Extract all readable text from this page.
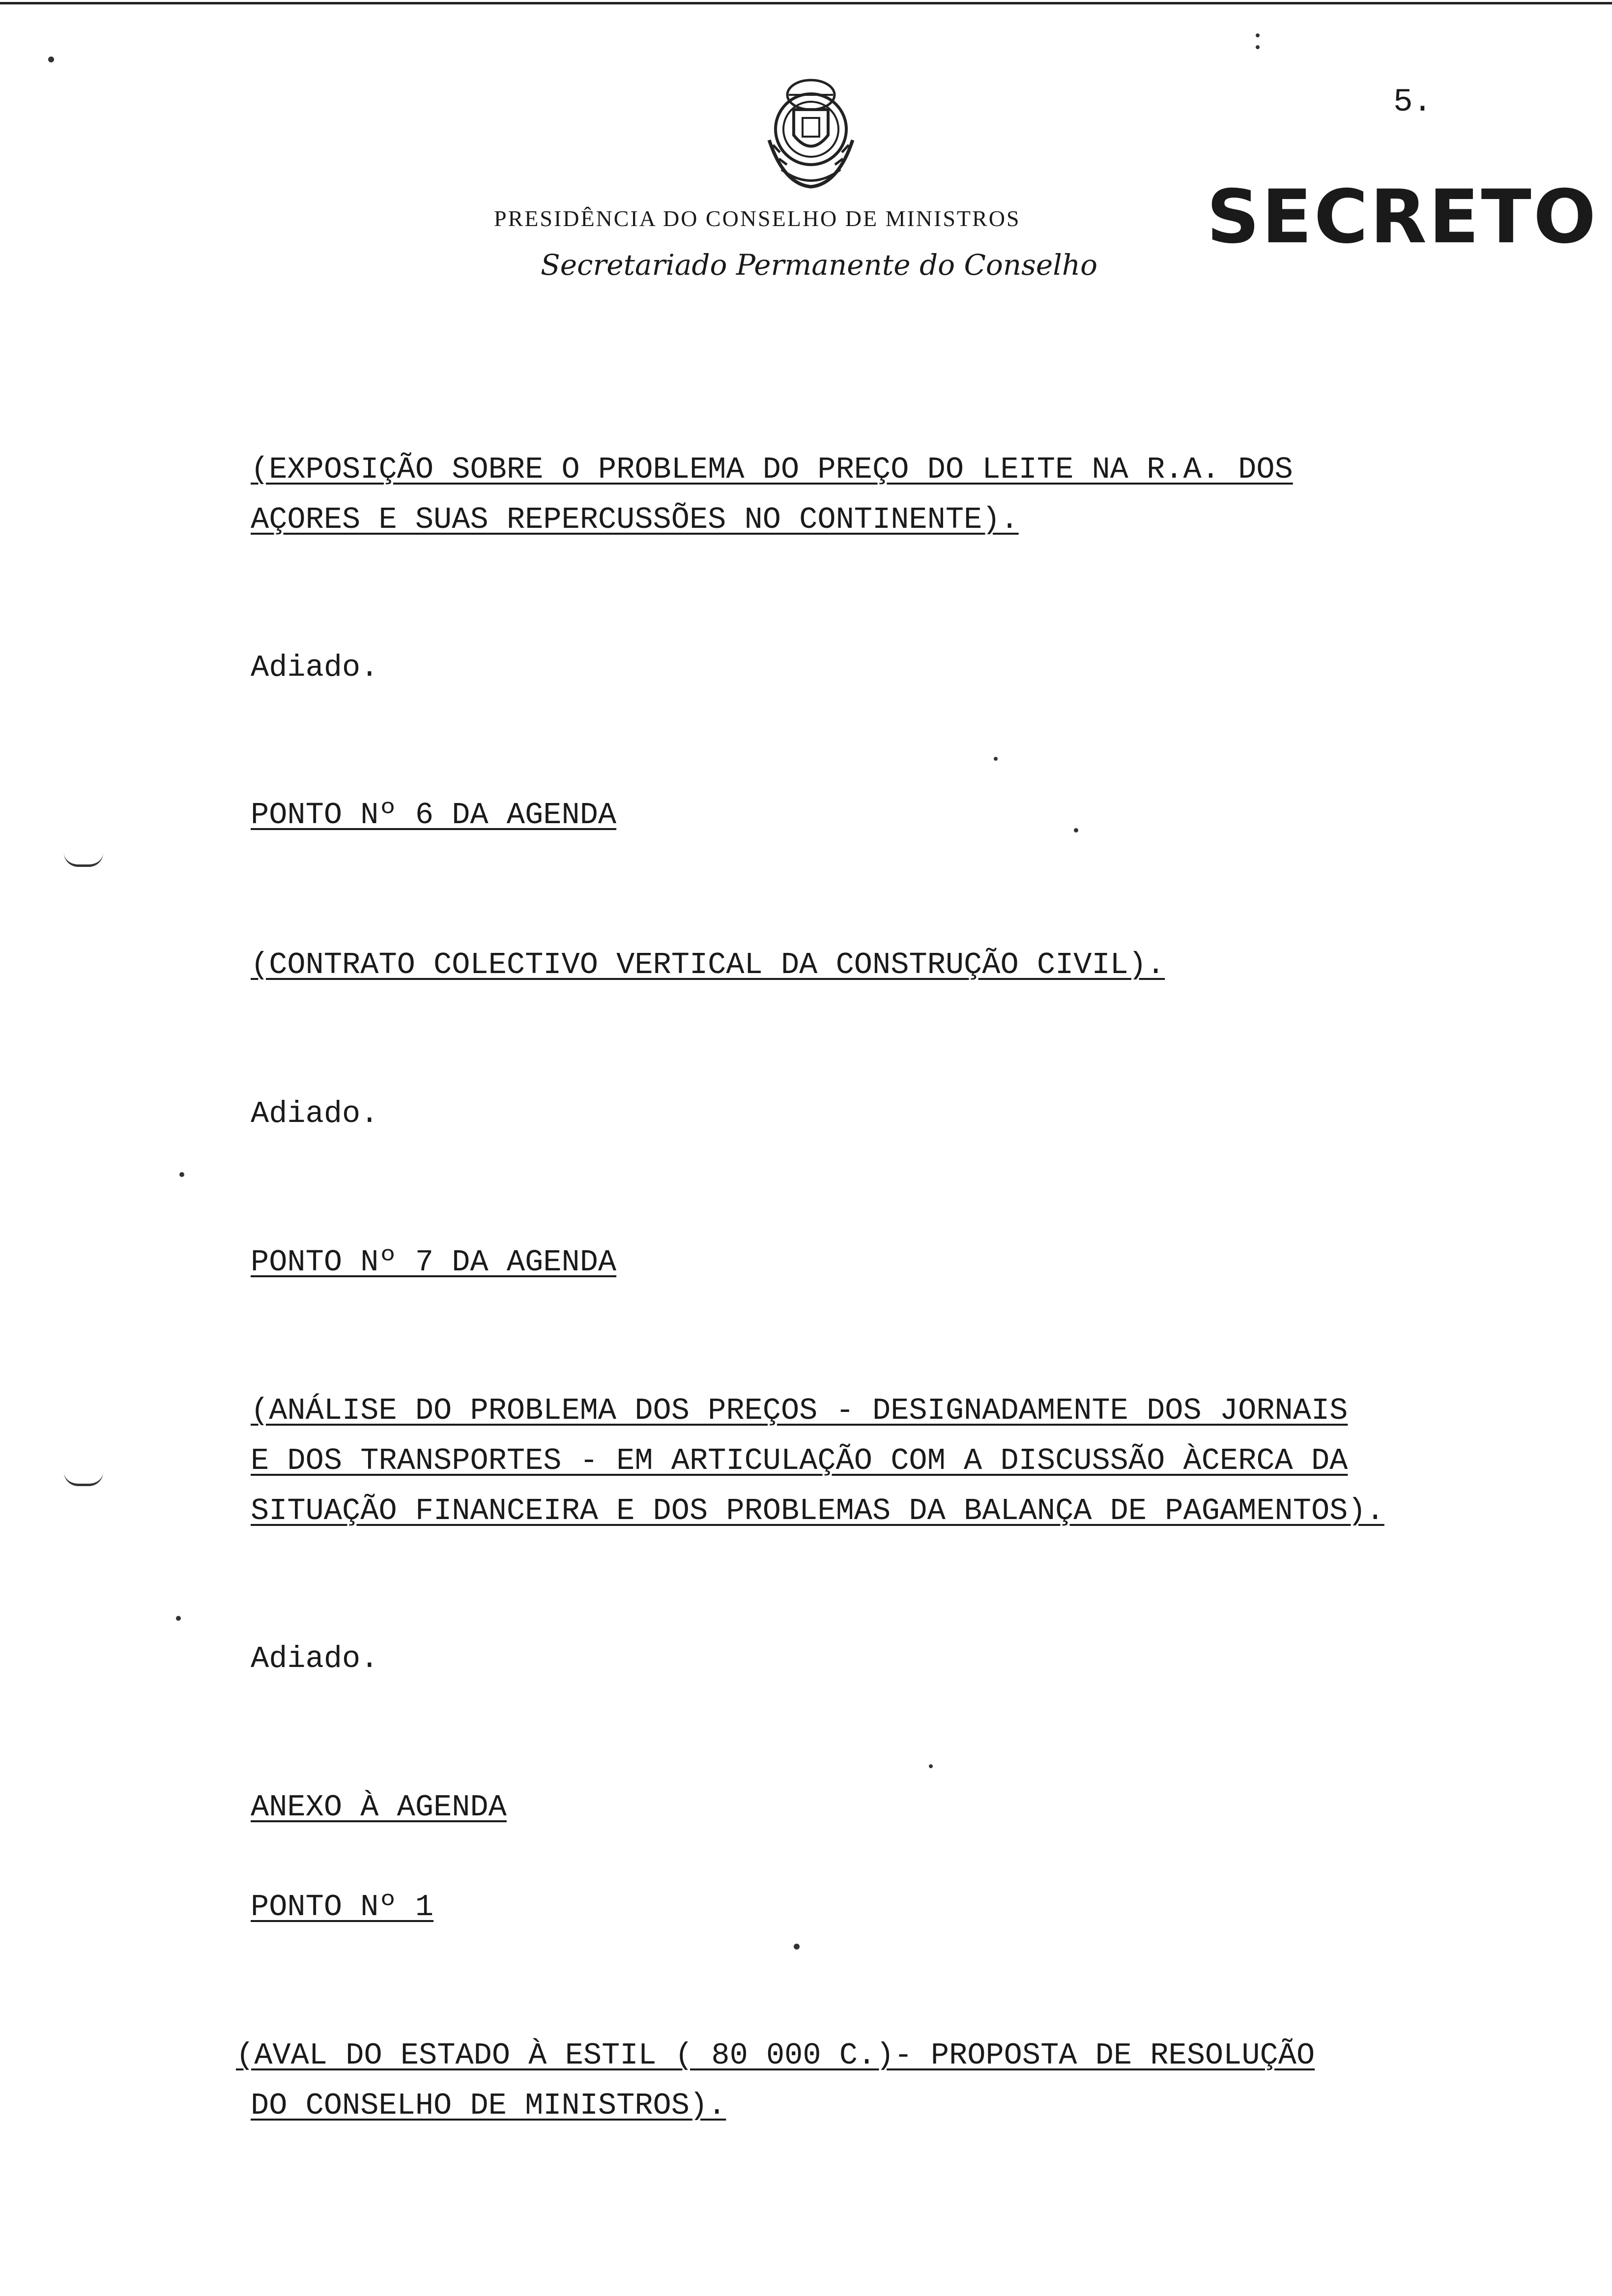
5.
PRESIDÊNCIA DO CONSELHO DE MINISTROS
Secretariado Permanente do Conselho
SECRETO
(EXPOSIÇÃO SOBRE O PROBLEMA DO PREÇO DO LEITE NA R.A. DOS
AÇORES E SUAS REPERCUSSÕES NO CONTINENTE).
Adiado.
PONTO Nº 6 DA AGENDA
(CONTRATO COLECTIVO VERTICAL DA CONSTRUÇÃO CIVIL).
Adiado.
PONTO Nº 7 DA AGENDA
(ANÁLISE DO PROBLEMA DOS PREÇOS - DESIGNADAMENTE DOS JORNAIS
E DOS TRANSPORTES - EM ARTICULAÇÃO COM A DISCUSSÃO ÀCERCA DA
SITUAÇÃO FINANCEIRA E DOS PROBLEMAS DA BALANÇA DE PAGAMENTOS).
Adiado.
ANEXO À AGENDA
PONTO Nº 1
(AVAL DO ESTADO À ESTIL ( 80 000 C.)- PROPOSTA DE RESOLUÇÃO
DO CONSELHO DE MINISTROS).
